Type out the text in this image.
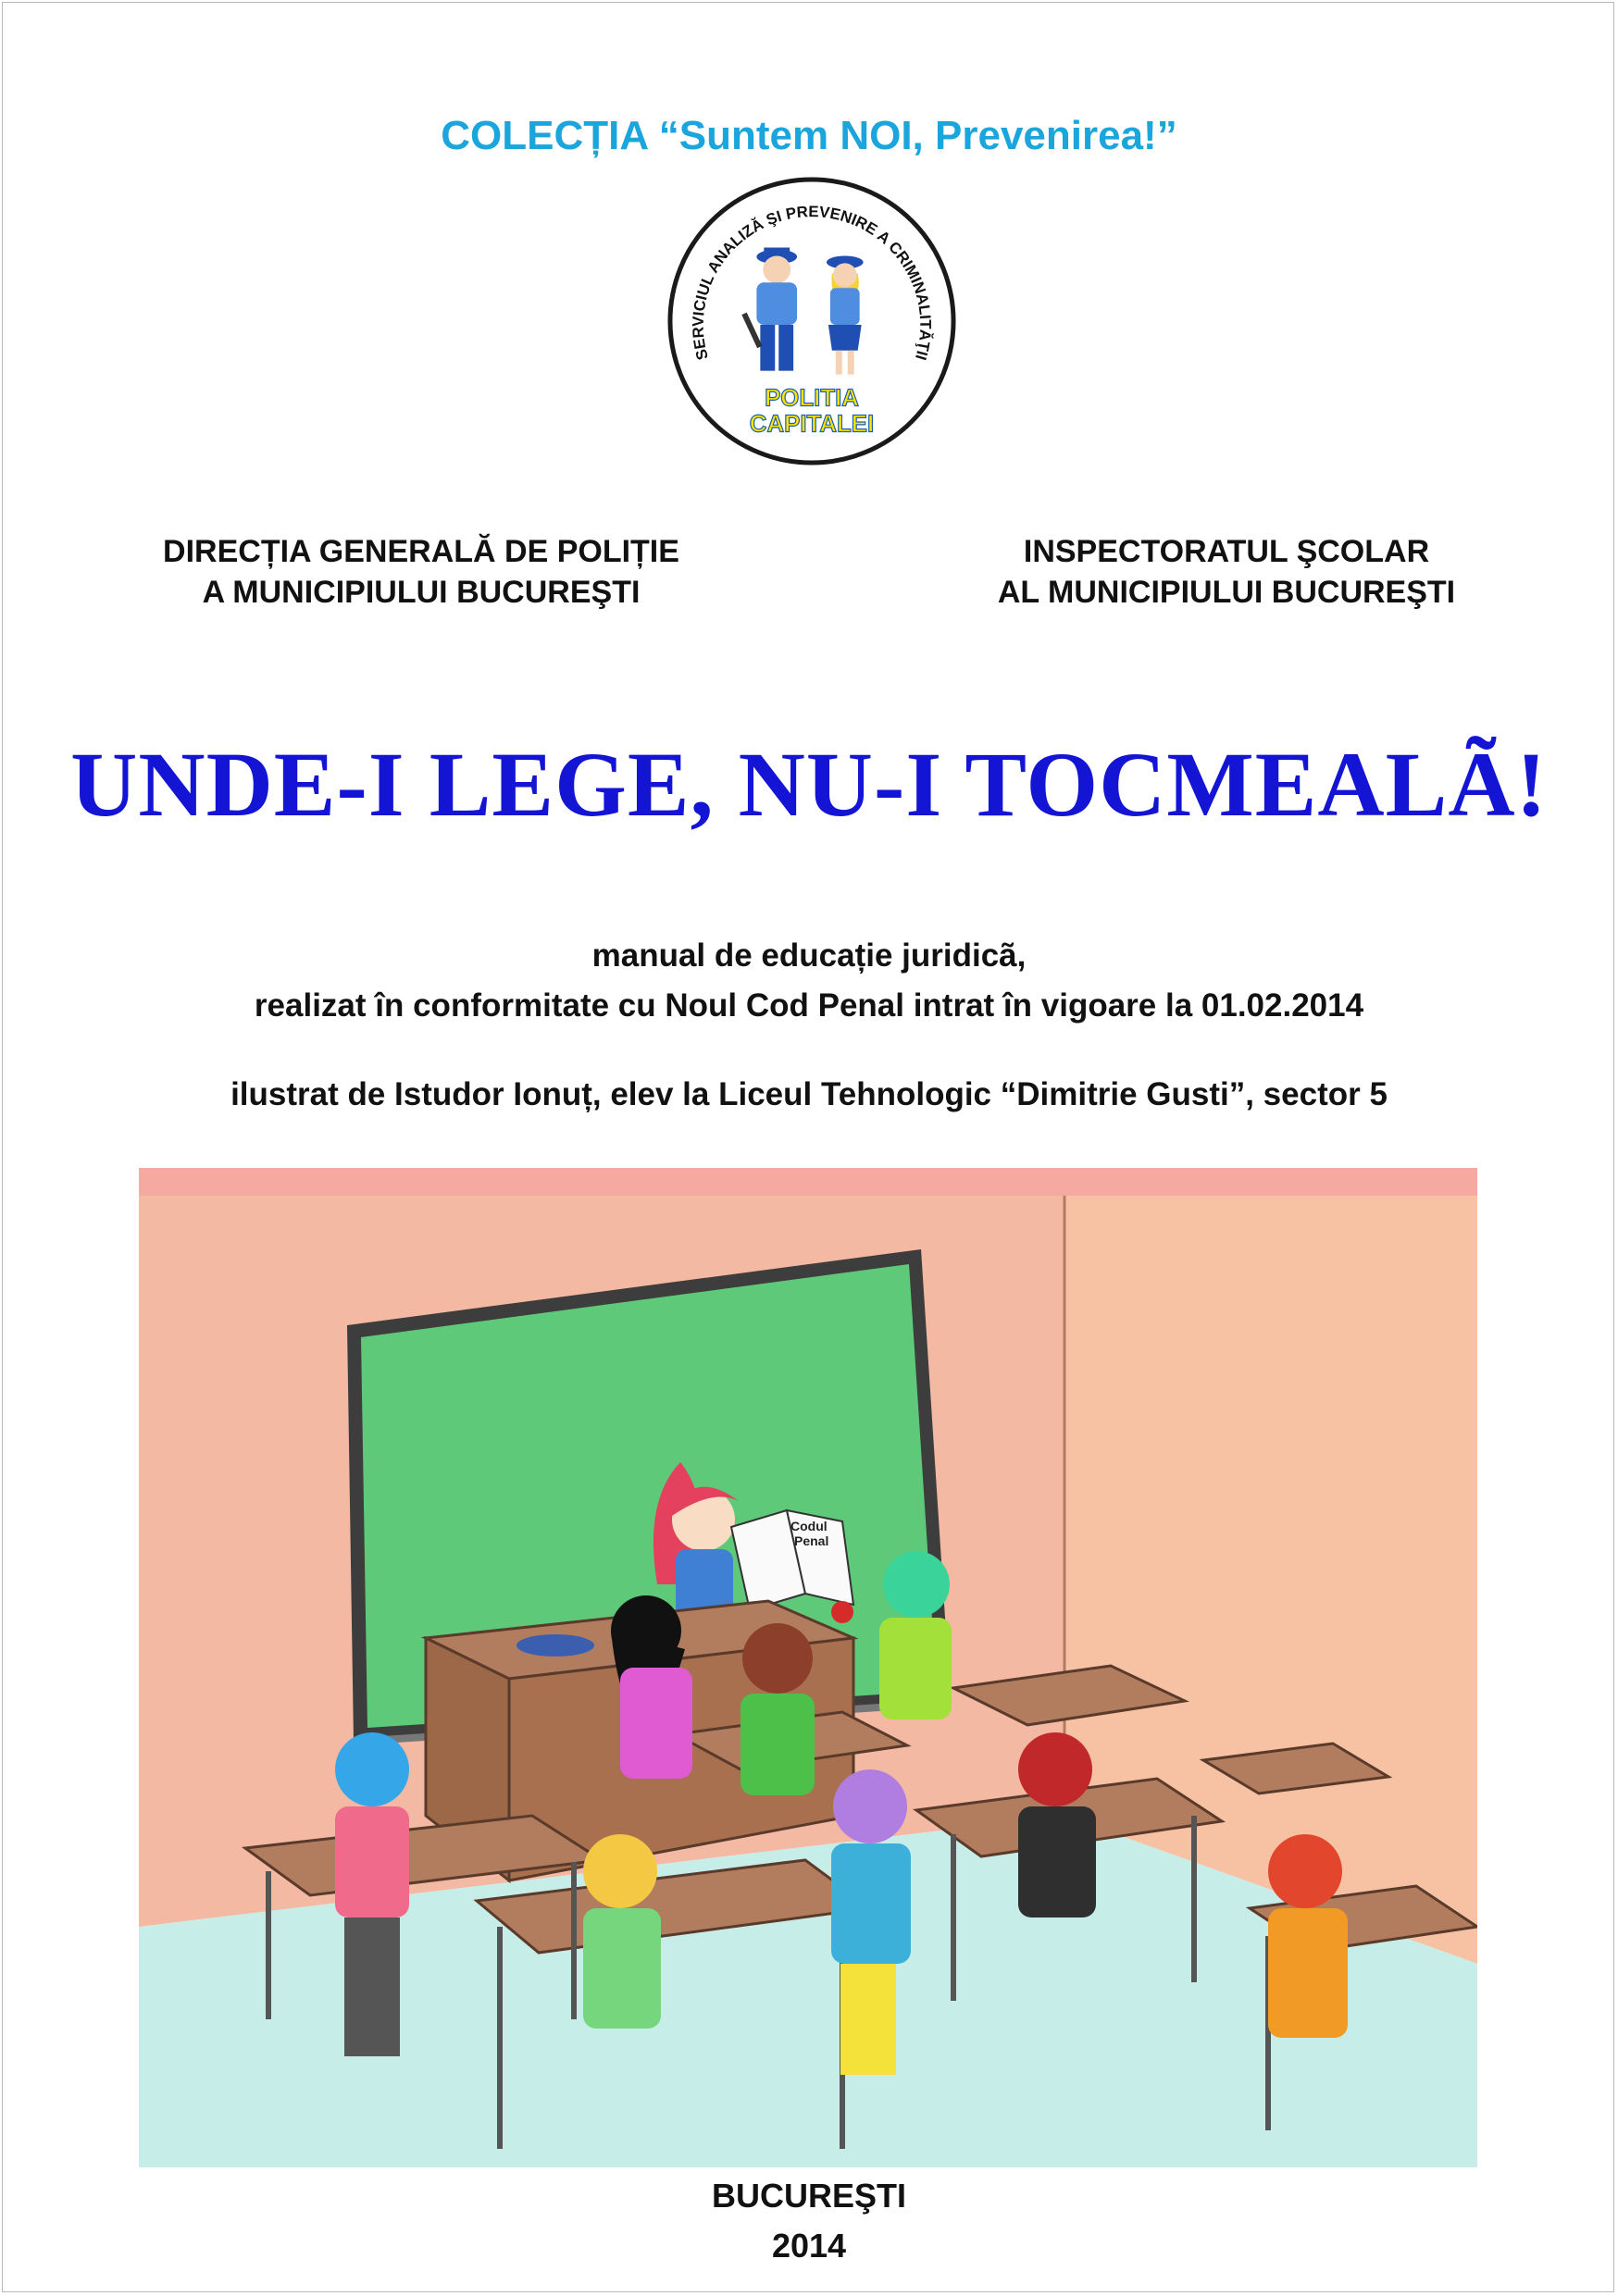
COLECȚIA “Suntem NOI, Prevenirea!”
SERVICIUL ANALIZĂ ŞI PREVENIRE A CRIMINALITĂŢII
POLITIA
CAPITALEI
DIRECȚIA GENERALĂ DE POLIȚIE
A MUNICIPIULUI BUCUREŞTI
INSPECTORATUL ŞCOLAR
AL MUNICIPIULUI BUCUREŞTI
UNDE-I LEGE, NU-I TOCMEALÃ!
manual de educație juridicã,
realizat în conformitate cu Noul Cod Penal intrat în vigoare la 01.02.2014
ilustrat de Istudor Ionuț, elev la Liceul Tehnologic “Dimitrie Gusti”, sector 5
Codul
Penal
BUCUREŞTI
2014
